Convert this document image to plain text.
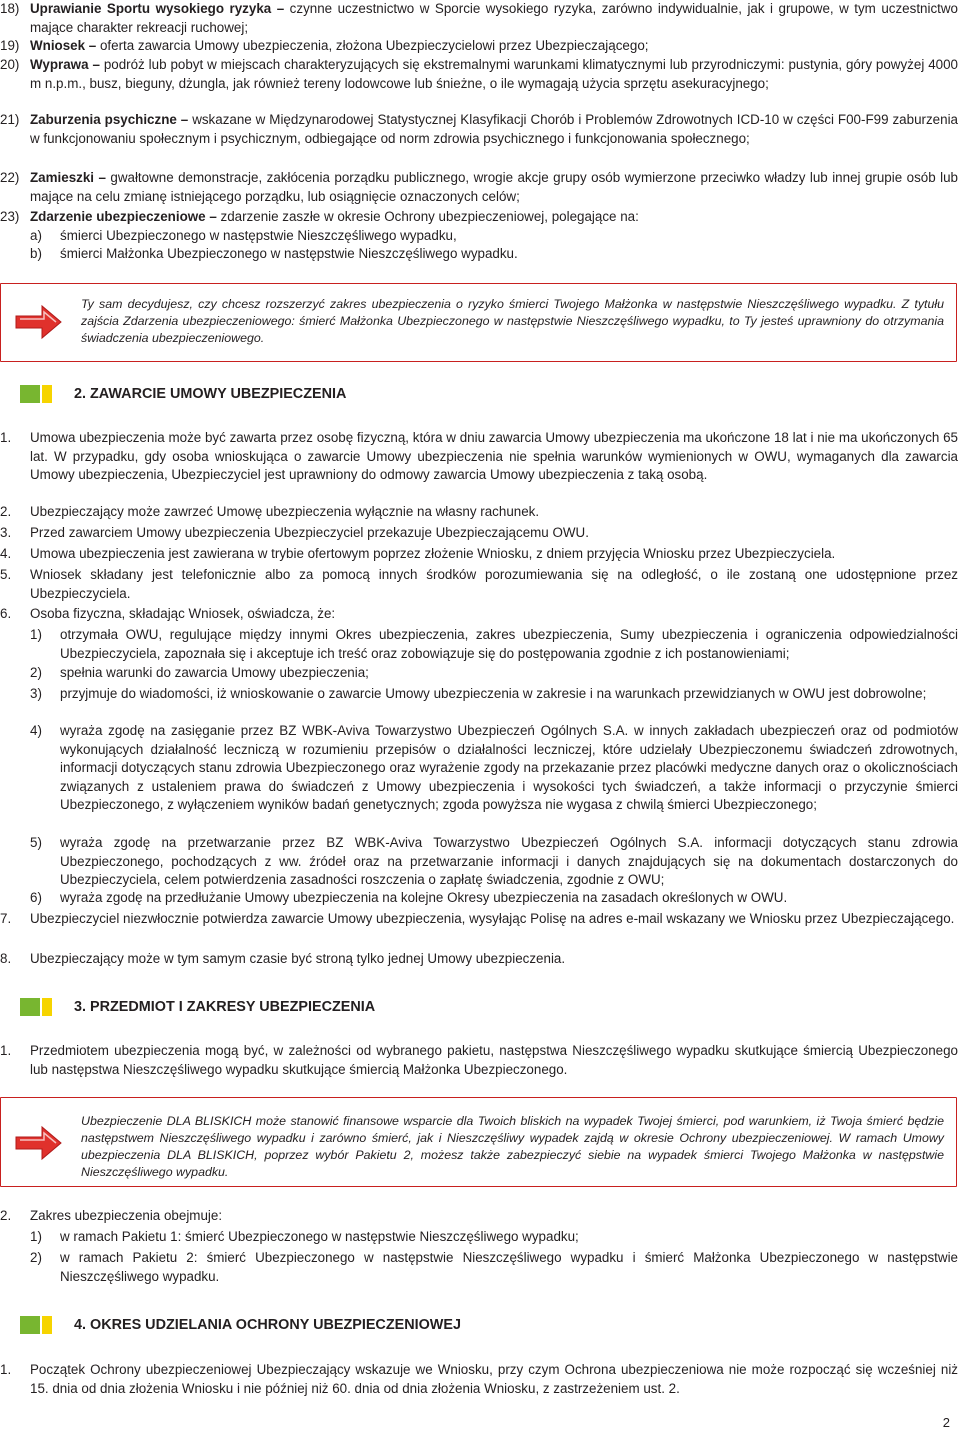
18) Uprawianie Sportu wysokiego ryzyka – czynne uczestnictwo w Sporcie wysokiego ryzyka, zarówno indywidualnie, jak i grupowe, w tym uczestnictwo mające charakter rekreacji ruchowej;
19) Wniosek – oferta zawarcia Umowy ubezpieczenia, złożona Ubezpieczycielowi przez Ubezpieczającego;
20) Wyprawa – podróż lub pobyt w miejscach charakteryzujących się ekstremalnymi warunkami klimatycznymi lub przyrodniczymi: pustynia, góry powyżej 4000 m n.p.m., busz, bieguny, dżungla, jak również tereny lodowcowe lub śnieżne, o ile wymagają użycia sprzętu asekuracyjnego;
21) Zaburzenia psychiczne – wskazane w Międzynarodowej Statystycznej Klasyfikacji Chorób i Problemów Zdrowotnych ICD-10 w części F00-F99 zaburzenia w funkcjonowaniu społecznym i psychicznym, odbiegające od norm zdrowia psychicznego i funkcjonowania społecznego;
22) Zamieszki – gwałtowne demonstracje, zakłócenia porządku publicznego, wrogie akcje grupy osób wymierzone przeciwko władzy lub innej grupie osób lub mające na celu zmianę istniejącego porządku, lub osiągnięcie oznaczonych celów;
23) Zdarzenie ubezpieczeniowe – zdarzenie zaszłe w okresie Ochrony ubezpieczeniowej, polegające na:
a) śmierci Ubezpieczonego w następstwie Nieszczęśliwego wypadku,
b) śmierci Małżonka Ubezpieczonego w następstwie Nieszczęśliwego wypadku.
Ty sam decydujesz, czy chcesz rozszerzyć zakres ubezpieczenia o ryzyko śmierci Twojego Małżonka w następstwie Nieszczęśliwego wypadku. Z tytułu zajścia Zdarzenia ubezpieczeniowego: śmierć Małżonka Ubezpieczonego w następstwie Nieszczęśliwego wypadku, to Ty jesteś uprawniony do otrzymania świadczenia ubezpieczeniowego.
2. ZAWARCIE UMOWY UBEZPIECZENIA
1. Umowa ubezpieczenia może być zawarta przez osobę fizyczną, która w dniu zawarcia Umowy ubezpieczenia ma ukończone 18 lat i nie ma ukończonych 65 lat. W przypadku, gdy osoba wnioskująca o zawarcie Umowy ubezpieczenia nie spełnia warunków wymienionych w OWU, wymaganych dla zawarcia Umowy ubezpieczenia, Ubezpieczyciel jest uprawniony do odmowy zawarcia Umowy ubezpieczenia z taką osobą.
2. Ubezpieczający może zawrzeć Umowę ubezpieczenia wyłącznie na własny rachunek.
3. Przed zawarciem Umowy ubezpieczenia Ubezpieczyciel przekazuje Ubezpieczającemu OWU.
4. Umowa ubezpieczenia jest zawierana w trybie ofertowym poprzez złożenie Wniosku, z dniem przyjęcia Wniosku przez Ubezpieczyciela.
5. Wniosek składany jest telefonicznie albo za pomocą innych środków porozumiewania się na odległość, o ile zostaną one udostępnione przez Ubezpieczyciela.
6. Osoba fizyczna, składając Wniosek, oświadcza, że:
1) otrzymała OWU, regulujące między innymi Okres ubezpieczenia, zakres ubezpieczenia, Sumy ubezpieczenia i ograniczenia odpowiedzialności Ubezpieczyciela, zapoznała się i akceptuje ich treść oraz zobowiązuje się do postępowania zgodnie z ich postanowieniami;
2) spełnia warunki do zawarcia Umowy ubezpieczenia;
3) przyjmuje do wiadomości, iż wnioskowanie o zawarcie Umowy ubezpieczenia w zakresie i na warunkach przewidzianych w OWU jest dobrowolne;
4) wyraża zgodę na zasięganie przez BZ WBK-Aviva Towarzystwo Ubezpieczeń Ogólnych S.A. w innych zakładach ubezpieczeń oraz od podmiotów wykonujących działalność leczniczą w rozumieniu przepisów o działalności leczniczej, które udzielały Ubezpieczonemu świadczeń zdrowotnych, informacji dotyczących stanu zdrowia Ubezpieczonego oraz wyrażenie zgody na przekazanie przez placówki medyczne danych oraz o okolicznościach związanych z ustaleniem prawa do świadczeń z Umowy ubezpieczenia i wysokości tych świadczeń, a także informacji o przyczynie śmierci Ubezpieczonego, z wyłączeniem wyników badań genetycznych; zgoda powyższa nie wygasa z chwilą śmierci Ubezpieczonego;
5) wyraża zgodę na przetwarzanie przez BZ WBK-Aviva Towarzystwo Ubezpieczeń Ogólnych S.A. informacji dotyczących stanu zdrowia Ubezpieczonego, pochodzących z ww. źródeł oraz na przetwarzanie informacji i danych znajdujących się na dokumentach dostarczonych do Ubezpieczyciela, celem potwierdzenia zasadności roszczenia o zapłatę świadczenia, zgodnie z OWU;
6) wyraża zgodę na przedłużanie Umowy ubezpieczenia na kolejne Okresy ubezpieczenia na zasadach określonych w OWU.
7. Ubezpieczyciel niezwłocznie potwierdza zawarcie Umowy ubezpieczenia, wysyłając Polisę na adres e-mail wskazany we Wniosku przez Ubezpieczającego.
8. Ubezpieczający może w tym samym czasie być stroną tylko jednej Umowy ubezpieczenia.
3. PRZEDMIOT I ZAKRESY UBEZPIECZENIA
1. Przedmiotem ubezpieczenia mogą być, w zależności od wybranego pakietu, następstwa Nieszczęśliwego wypadku skutkujące śmiercią Ubezpieczonego lub następstwa Nieszczęśliwego wypadku skutkujące śmiercią Małżonka Ubezpieczonego.
Ubezpieczenie DLA BLISKICH może stanowić finansowe wsparcie dla Twoich bliskich na wypadek Twojej śmierci, pod warunkiem, iż Twoja śmierć będzie następstwem Nieszczęśliwego wypadku i zarówno śmierć, jak i Nieszczęśliwy wypadek zajdą w okresie Ochrony ubezpieczeniowej. W ramach Umowy ubezpieczenia DLA BLISKICH, poprzez wybór Pakietu 2, możesz także zabezpieczyć siebie na wypadek śmierci Twojego Małżonka w następstwie Nieszczęśliwego wypadku.
2. Zakres ubezpieczenia obejmuje:
1) w ramach Pakietu 1: śmierć Ubezpieczonego w następstwie Nieszczęśliwego wypadku;
2) w ramach Pakietu 2: śmierć Ubezpieczonego w następstwie Nieszczęśliwego wypadku i śmierć Małżonka Ubezpieczonego w następstwie Nieszczęśliwego wypadku.
4. OKRES UDZIELANIA OCHRONY UBEZPIECZENIOWEJ
1. Początek Ochrony ubezpieczeniowej Ubezpieczający wskazuje we Wniosku, przy czym Ochrona ubezpieczeniowa nie może rozpocząć się wcześniej niż 15. dnia od dnia złożenia Wniosku i nie później niż 60. dnia od dnia złożenia Wniosku, z zastrzeżeniem ust. 2.
2
